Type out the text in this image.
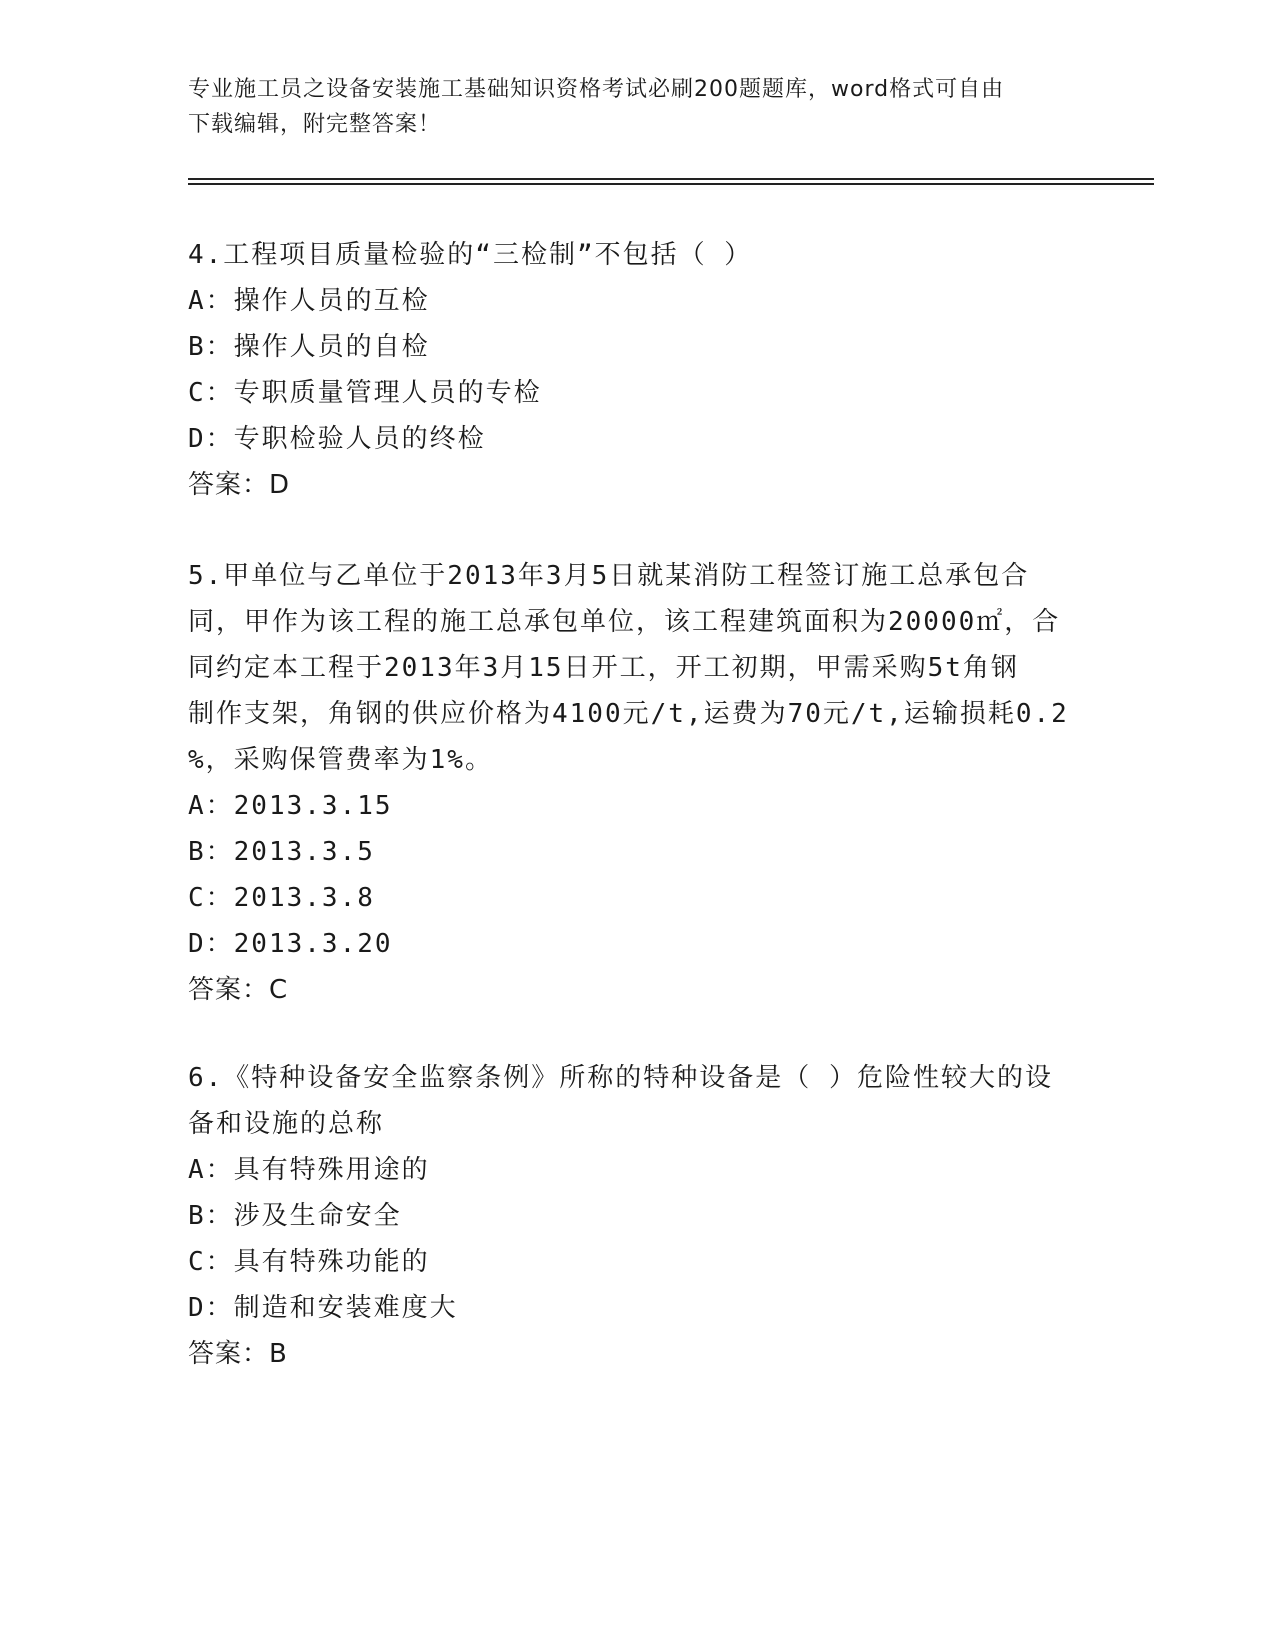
专业施工员之设备安装施工基础知识资格考试必刷200题题库，word格式可自由
下载编辑，附完整答案！
4.工程项目质量检验的“三检制”不包括（ ）
A：操作人员的互检
B：操作人员的自检
C：专职质量管理人员的专检
D：专职检验人员的终检
答案：D
5.甲单位与乙单位于2013年3月5日就某消防工程签订施工总承包合
同，甲作为该工程的施工总承包单位，该工程建筑面积为20000㎡，合
同约定本工程于2013年3月15日开工，开工初期，甲需采购5t角钢
制作支架，角钢的供应价格为4100元/t,运费为70元/t,运输损耗0.2
%，采购保管费率为1%。
A：2013.3.15
B：2013.3.5
C：2013.3.8
D：2013.3.20
答案：C
6.《特种设备安全监察条例》所称的特种设备是（ ）危险性较大的设
备和设施的总称
A：具有特殊用途的
B：涉及生命安全
C：具有特殊功能的
D：制造和安装难度大
答案：B
